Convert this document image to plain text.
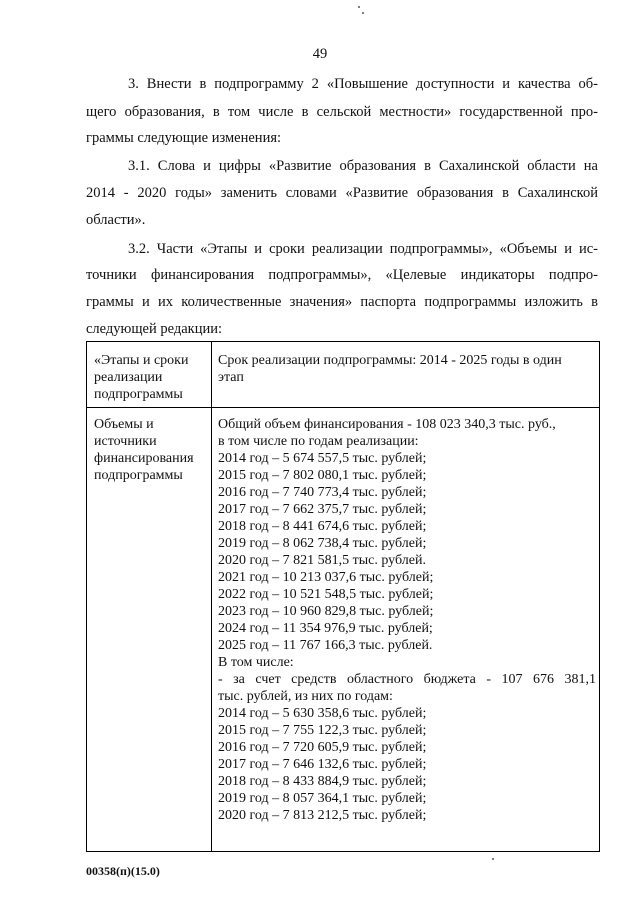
49
3. Внести в подпрограмму 2 «Повышение доступности и качества об-
щего образования, в том числе в сельской местности» государственной про-
граммы следующие изменения:
3.1. Слова и цифры «Развитие образования в Сахалинской области на
2014 - 2020 годы» заменить словами «Развитие образования в Сахалинской
области».
3.2. Части «Этапы и сроки реализации подпрограммы», «Объемы и ис-
точники финансирования подпрограммы», «Целевые индикаторы подпро-
граммы и их количественные значения» паспорта подпрограммы изложить в
следующей редакции:
«Этапы и сроки
реализации
подпрограммы
Срок реализации подпрограммы: 2014 - 2025 годы в один
этап
Объемы и
источники
финансирования
подпрограммы
Общий объем финансирования - 108 023 340,3 тыс. руб.,
в том числе по годам реализации:
2014 год – 5 674 557,5 тыс. рублей;
2015 год – 7 802 080,1 тыс. рублей;
2016 год – 7 740 773,4 тыс. рублей;
2017 год – 7 662 375,7 тыс. рублей;
2018 год – 8 441 674,6 тыс. рублей;
2019 год – 8 062 738,4 тыс. рублей;
2020 год – 7 821 581,5 тыс. рублей.
2021 год – 10 213 037,6 тыс. рублей;
2022 год – 10 521 548,5 тыс. рублей;
2023 год – 10 960 829,8 тыс. рублей;
2024 год – 11 354 976,9 тыс. рублей;
2025 год – 11 767 166,3 тыс. рублей.
В том числе:
- за счет средств областного бюджета - 107 676 381,1
тыс. рублей, из них по годам:
2014 год – 5 630 358,6 тыс. рублей;
2015 год – 7 755 122,3 тыс. рублей;
2016 год – 7 720 605,9 тыс. рублей;
2017 год – 7 646 132,6 тыс. рублей;
2018 год – 8 433 884,9 тыс. рублей;
2019 год – 8 057 364,1 тыс. рублей;
2020 год – 7 813 212,5 тыс. рублей;
00358(п)(15.0)
